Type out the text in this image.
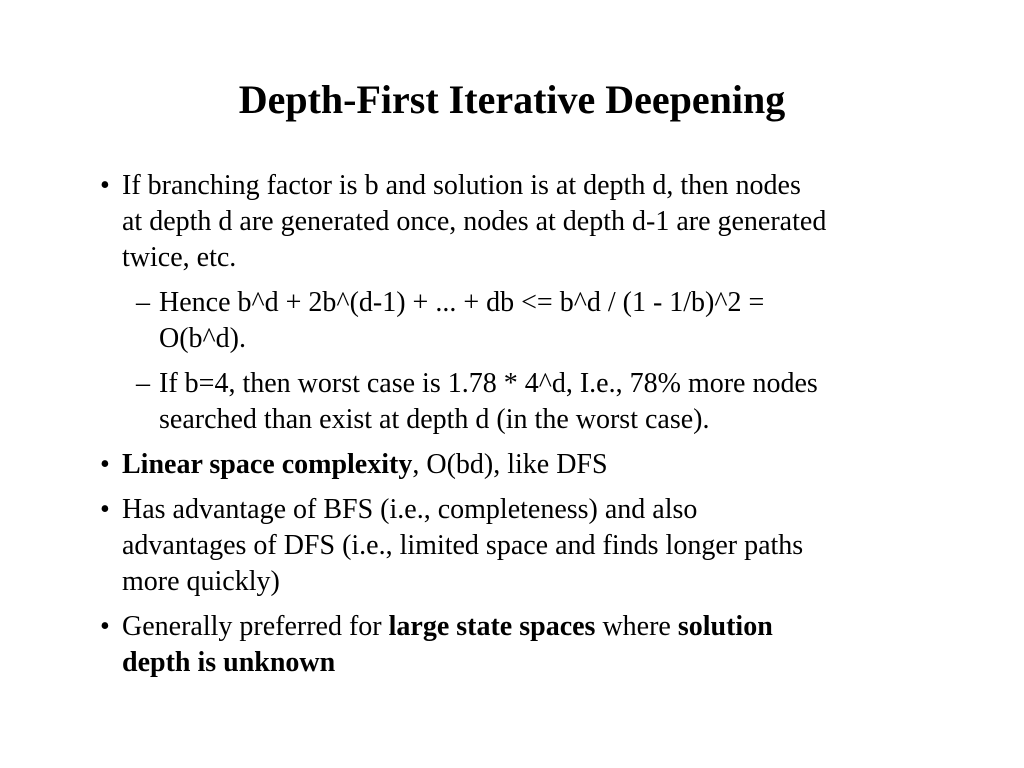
Depth-First Iterative Deepening
• If branching factor is b and solution is at depth d, then nodes
at depth d are generated once, nodes at depth d-1 are generated
twice, etc.
– Hence b^d + 2b^(d-1) + ... + db <= b^d / (1 - 1/b)^2 =
O(b^d).
– If b=4, then worst case is 1.78 * 4^d, I.e., 78% more nodes
searched than exist at depth d (in the worst case).
• Linear space complexity, O(bd), like DFS
• Has advantage of BFS (i.e., completeness) and also
advantages of DFS (i.e., limited space and finds longer paths
more quickly)
• Generally preferred for large state spaces where solution
depth is unknown
